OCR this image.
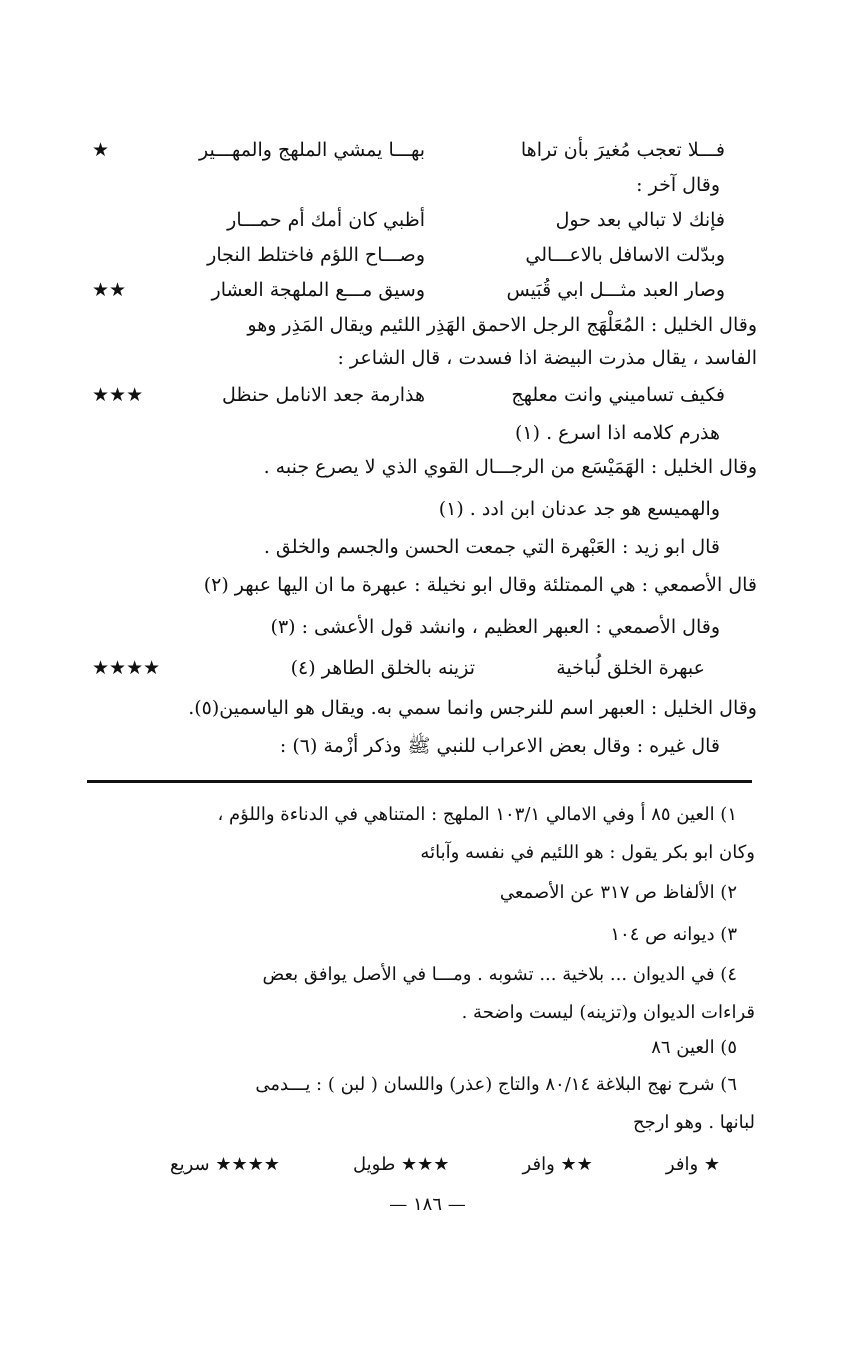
فـــلا تعجب مُغيرَ بأن تراها
بهـــا يمشي الملهج والمهـــير
★
وقال آخر :
فإنك لا تبالي بعد حول
أظبي كان أمك أم حمـــار
وبدّلت الاسافل بالاعـــالي
وصـــاح اللؤم فاختلط النجار
وصار العبد مثـــل ابي قُبَيس
وسيق مـــع الملهجة العشار
★★
وقال الخليل : المُعَلْهَج الرجل الاحمق الهَذِر اللئيم ويقال المَذِر وهو
الفاسد ، يقال مذرت البيضة اذا فسدت ، قال الشاعر :
فكيف تساميني وانت معلهج
هذارمة جعد الانامل حنظل
★★★
هذرم كلامه اذا اسرع . (١)
وقال الخليل : الهَمَيْسَع من الرجـــال القوي الذي لا يصرع جنبه .
والهميسع هو جد عدنان ابن ادد . (١)
قال ابو زيد : العَبْهرة التي جمعت الحسن والجسم والخلق .
قال الأصمعي : هي الممتلئة وقال ابو نخيلة : عبهرة ما ان اليها عبهر (٢)
وقال الأصمعي : العبهر العظيم ، وانشد قول الأعشى : (٣)
عبهرة الخلق لُباخية
تزينه بالخلق الطاهر (٤)
★★★★
وقال الخليل : العبهر اسم للنرجس وانما سمي به. ويقال هو الياسمين(٥).
قال غيره : وقال بعض الاعراب للنبي ﷺ وذكر أزْمة (٦) :
١) العين ٨٥ أ وفي الامالي ١٠٣/١ الملهج : المتناهي في الدناءة واللؤم ،
وكان ابو بكر يقول : هو اللئيم في نفسه وآبائه
٢) الألفاظ ص ٣١٧ عن الأصمعي
٣) ديوانه ص ١٠٤
٤) في الديوان ... بلاخية ... تشوبه . ومـــا في الأصل يوافق بعض
قراءات الديوان و(تزينه) ليست واضحة .
٥) العين ٨٦
٦) شرح نهج البلاغة ٨٠/١٤ والتاج (عذر) واللسان ( لبن ) : يـــدمى
لبانها . وهو ارجح
★ وافر
★★ وافر
★★★ طويل
★★★★ سريع
— ١٨٦ —
